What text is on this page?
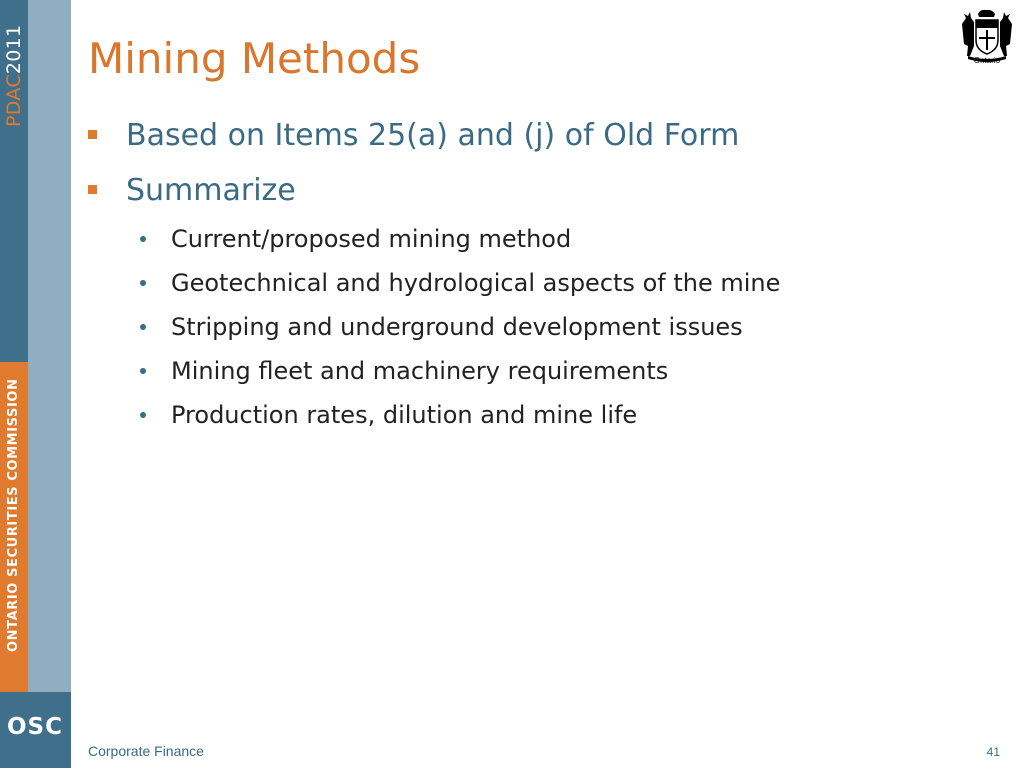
PDAC2011
ONTARIO SECURITIES COMMISSION
OSC
Mining Methods	Ontario
Based on Items 25(a) and (j) of Old Form
Summarize
Current/proposed mining method
Geotechnical and hydrological aspects of the mine
Stripping and underground development issues
Mining fleet and machinery requirements
Production rates, dilution and mine life
Corporate Finance	41
